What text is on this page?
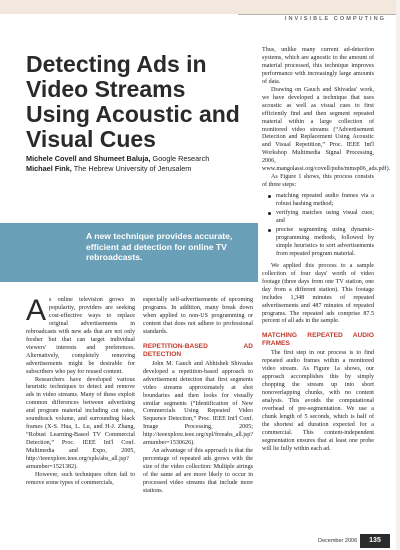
INVISIBLE COMPUTING
Detecting Ads in Video Streams Using Acoustic and Visual Cues
Michele Covell and Shumeet Baluja, Google Research
Michael Fink, The Hebrew University of Jerusalem
A new technique provides accurate, efficient ad detection for online TV rebroadcasts.

As online television grows in popularity, providers are seeking cost-effective ways to replace original advertisements in rebroadcasts with new ads that are not only fresher but that can target individual viewers' interests and preferences. Alternatively, completely removing advertisements might be desirable for subscribers who pay for reused content.

Researchers have developed various heuristic techniques to detect and remove ads in video streams. Many of these exploit common differences between advertising and program material including cut rates, soundtrack volume, and surrounding black frames (X-S. Hua, L. Lu, and H-J. Zhang, “Robust Learning-Based TV Commercial Detection,” Proc. IEEE Int'l Conf. Multimedia and Expo, 2005, http://ieeexplore.ieee.org/xpls/abs_all.jsp?arnumber=1521382).

However, such techniques often fail to remove some types of commercials,

especially self-advertisements of upcoming programs. In addition, many break down when applied to non-US programming or content that does not adhere to professional standards.

REPETITION-BASED AD DETECTION

John M. Gauch and Abhishek Shivadas developed a repetition-based approach to advertisement detection that first segments video streams approximately at shot boundaries and then looks for visually similar segments (“Identification of New Commercials Using Repeated Video Sequence Detection,” Proc. IEEE Int'l Conf. Image Processing, 2005; http://ieeexplore.ieee.org/xpl/freeabs_all.jsp?arnumber=1530626).

An advantage of this approach is that the percentage of repeated ads grows with the size of the video collection: Multiple airings of the same ad are more likely to occur in processed video streams that include more stations.

Thus, unlike many current ad-detection systems, which are agnostic to the amount of material processed, this technique improves performance with increasingly large amounts of data.

Drawing on Gauch and Shivadas' work, we have developed a technique that uses acoustic as well as visual cues to first efficiently find and then segment repeated material within a large collection of monitored video streams (“Advertisement Detection and Replacement Using Acoustic and Visual Repetition,” Proc. IEEE Int'l Workshop Multimedia Signal Processing, 2006, www.mangolassi.org/covell/pubs/mmsp06_ads.pdf).

As Figure 1 shows, this process consists of three steps:

matching repeated audio frames via a robust hashing method;
verifying matches using visual cues; and
precise segmenting using dynamic-programming methods, followed by simple heuristics to sort advertisements from repeated program material.

We applied this process to a sample collection of four days' worth of video footage (three days from one TV station, one day from a different station). This footage includes 1,348 minutes of repeated advertisements and 487 minutes of repeated programs. The repeated ads comprise 87.5 percent of all ads in the sample.

MATCHING REPEATED AUDIO FRAMES

The first step in our process is to find repeated audio frames within a monitored video stream. As Figure 1a shows, our approach accomplishes this by simply chopping the stream up into short nonoverlapping chunks, with no content analysis. This avoids the computational overhead of pre-segmentation. We use a chunk length of 5 seconds, which is half of the shortest ad duration expected for a commercial. This content-independent segmentation ensures that at least one probe will lie fully within each ad.

December 2006	135
